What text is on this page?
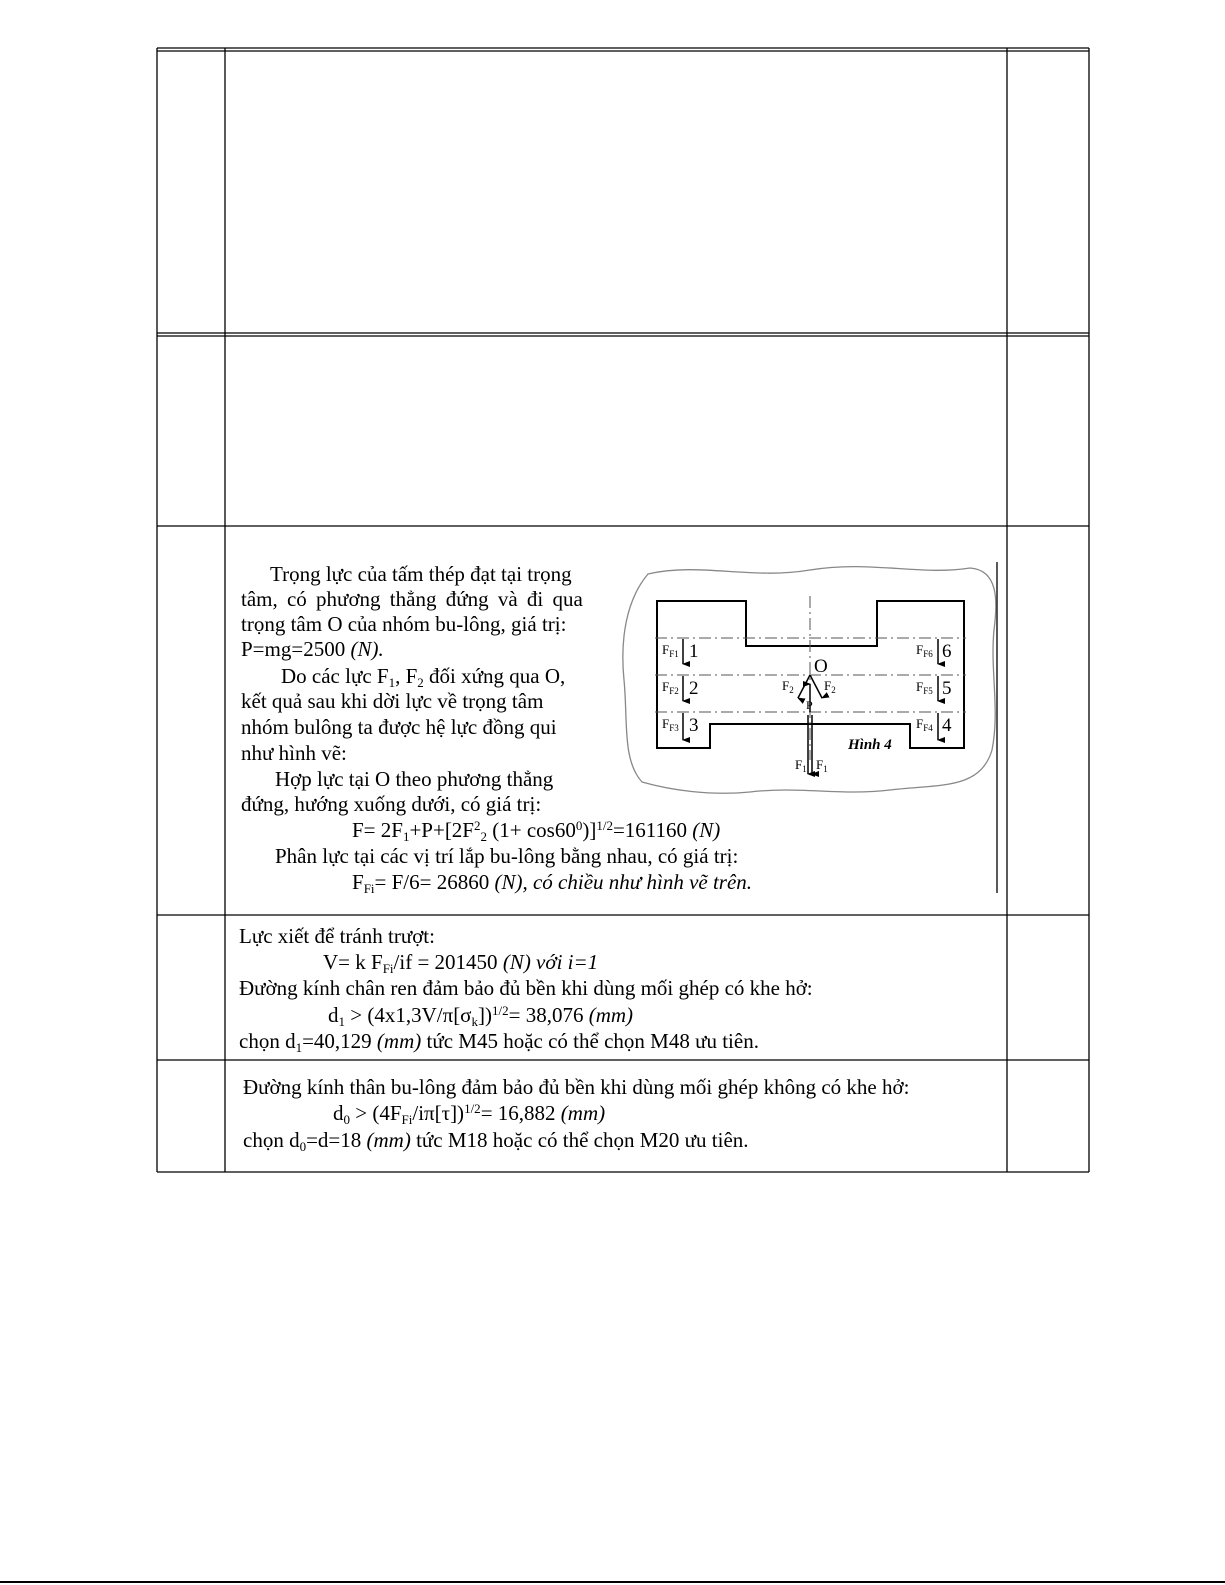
Trọng lực của tấm thép đạt tại trọng
tâm, có phương thẳng đứng và đi qua
trọng tâm O của nhóm bu-lông, giá trị:
P=mg=2500 (N).
Do các lực $F_1$, $F_2$ đối xứng qua O,
kết quả sau khi dời lực về trọng tâm
nhóm bulông ta được hệ lực đồng qui
như hình vẽ:
Hợp lực tại O theo phương thẳng
đứng, hướng xuống dưới, có giá trị:
$F= 2F_1+P+[2F^2_2$ $(1+ \cos 60^0)]^{1/2}=161160$ (N)
Phân lực tại các vị trí lắp bu-lông bằng nhau, có giá trị:
$F_{Fi}= F/6= 26860$ (N), có chiều như hình vẽ trên.
1
2
3	4
5
6
O
$F_{F1}$
$F_{F2}$
$F_{F3}$	$F_{F4}$
$F_{F5}$
$F_{F6}$
$F_2$ $F_2$
P
$F_1$ $F_1$
Hình 4
Lực xiết để tránh trượt:
V= k $F_{Fi}/if = 201450$ (N) với i=1
Đường kính chân ren đảm bảo đủ bền khi dùng mối ghép có khe hở:
$d_1 > (4x1,3V/\pi[\sigma_k])^{1/2}= 38,076$ (mm)
chọn $d_1=40,129$ (mm) tức M45 hoặc có thể chọn M48 ưu tiên.
Đường kính thân bu-lông đảm bảo đủ bền khi dùng mối ghép không có khe hở:
$d_0 > (4F_{Fi}/i\pi[\tau])^{1/2}= 16,882$ (mm)
chọn $d_0=d=18$ (mm) tức M18 hoặc có thể chọn M20 ưu tiên.
